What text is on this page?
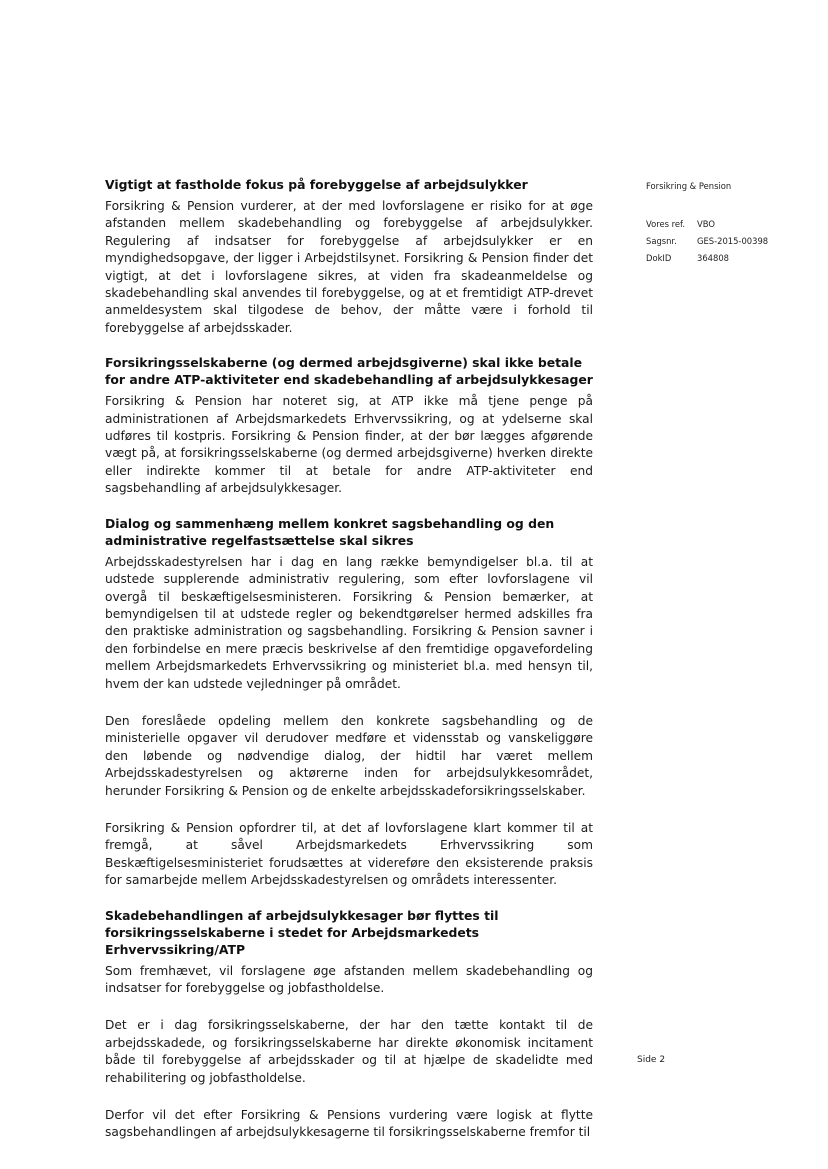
Vigtigt at fastholde fokus på forebyggelse af arbejdsulykker

Forsikring & Pension vurderer, at der med lovforslagene er risiko for at øge afstanden mellem skadebehandling og forebyggelse af arbejdsulykker. Regulering af indsatser for forebyggelse af arbejdsulykker er en myndighedsopgave, der ligger i Arbejdstilsynet. Forsikring & Pension finder det vigtigt, at det i lovforslagene sikres, at viden fra skadeanmeldelse og skadebehandling skal anvendes til forebyggelse, og at et fremtidigt ATP-drevet anmeldesystem skal tilgodese de behov, der måtte være i forhold til forebyggelse af arbejdsskader.

Forsikringsselskaberne (og dermed arbejdsgiverne) skal ikke betale for andre ATP-aktiviteter end skadebehandling af arbejdsulykkesager

Forsikring & Pension har noteret sig, at ATP ikke må tjene penge på administrationen af Arbejdsmarkedets Erhvervssikring, og at ydelserne skal udføres til kostpris. Forsikring & Pension finder, at der bør lægges afgørende vægt på, at forsikringsselskaberne (og dermed arbejdsgiverne) hverken direkte eller indirekte kommer til at betale for andre ATP-aktiviteter end sagsbehandling af arbejdsulykkesager.

Dialog og sammenhæng mellem konkret sagsbehandling og den administrative regelfastsættelse skal sikres

Arbejdsskadestyrelsen har i dag en lang række bemyndigelser bl.a. til at udstede supplerende administrativ regulering, som efter lovforslagene vil overgå til beskæftigelsesministeren. Forsikring & Pension bemærker, at bemyndigelsen til at udstede regler og bekendtgørelser hermed adskilles fra den praktiske administration og sagsbehandling. Forsikring & Pension savner i den forbindelse en mere præcis beskrivelse af den fremtidige opgavefordeling mellem Arbejdsmarkedets Erhvervssikring og ministeriet bl.a. med hensyn til, hvem der kan udstede vejledninger på området.

Den foreslåede opdeling mellem den konkrete sagsbehandling og de ministerielle opgaver vil derudover medføre et vidensstab og vanskeliggøre den løbende og nødvendige dialog, der hidtil har været mellem Arbejdsskadestyrelsen og aktørerne inden for arbejdsulykkesområdet, herunder Forsikring & Pension og de enkelte arbejdsskadeforsikringsselskaber.

Forsikring & Pension opfordrer til, at det af lovforslagene klart kommer til at fremgå, at såvel Arbejdsmarkedets Erhvervssikring som Beskæftigelsesministeriet forudsættes at videreføre den eksisterende praksis for samarbejde mellem Arbejdsskadestyrelsen og områdets interessenter.

Skadebehandlingen af arbejdsulykkesager bør flyttes til forsikringsselskaberne i stedet for Arbejdsmarkedets Erhvervssikring/ATP

Som fremhævet, vil forslagene øge afstanden mellem skadebehandling og indsatser for forebyggelse og jobfastholdelse.

Det er i dag forsikringsselskaberne, der har den tætte kontakt til de arbejdsskadede, og forsikringsselskaberne har direkte økonomisk incitament både til forebyggelse af arbejdsskader og til at hjælpe de skadelidte med rehabilitering og jobfastholdelse.

Derfor vil det efter Forsikring & Pensions vurdering være logisk at flytte sagsbehandlingen af arbejdsulykkesagerne til forsikringsselskaberne fremfor til

Forsikring & Pension
Vores ref.	VBO
Sagsnr.	GES-2015-00398
DokID	364808
Side 2
